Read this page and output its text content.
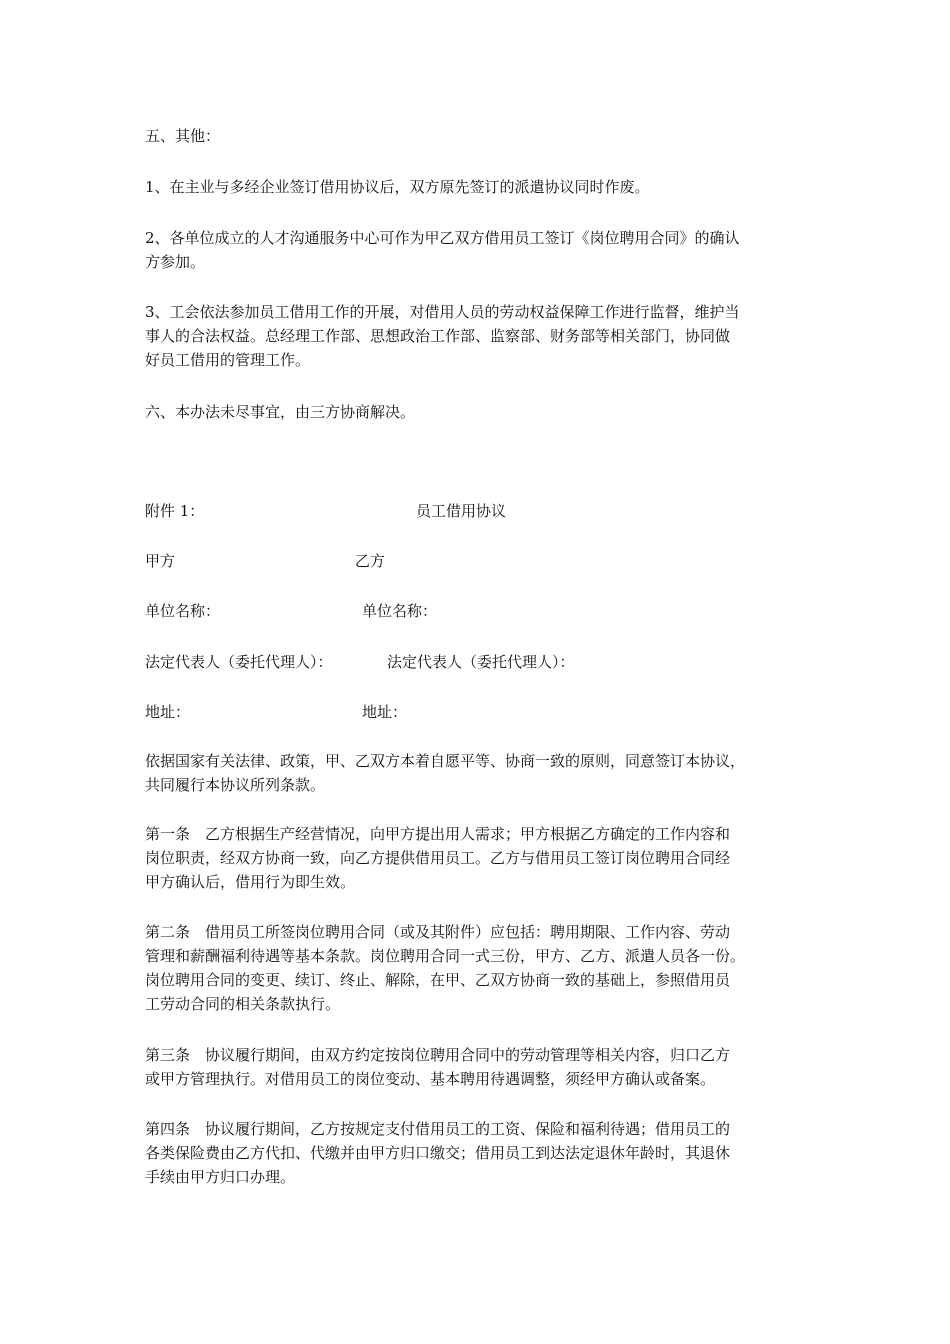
五、其他：
1、在主业与多经企业签订借用协议后，双方原先签订的派遣协议同时作废。
2、各单位成立的人才沟通服务中心可作为甲乙双方借用员工签订《岗位聘用合同》的确认
方参加。
3、工会依法参加员工借用工作的开展，对借用人员的劳动权益保障工作进行监督，维护当
事人的合法权益。总经理工作部、思想政治工作部、监察部、财务部等相关部门，协同做
好员工借用的管理工作。
六、本办法未尽事宜，由三方协商解决。
附件 1：	员工借用协议
甲方	乙方
单位名称：	单位名称：
法定代表人（委托代理人）：	法定代表人（委托代理人）：
地址：	地址：
依据国家有关法律、政策，甲、乙双方本着自愿平等、协商一致的原则，同意签订本协议，
共同履行本协议所列条款。
第一条　乙方根据生产经营情况，向甲方提出用人需求；甲方根据乙方确定的工作内容和
岗位职责，经双方协商一致，向乙方提供借用员工。乙方与借用员工签订岗位聘用合同经
甲方确认后，借用行为即生效。
第二条　借用员工所签岗位聘用合同（或及其附件）应包括：聘用期限、工作内容、劳动
管理和薪酬福利待遇等基本条款。岗位聘用合同一式三份，甲方、乙方、派遣人员各一份。
岗位聘用合同的变更、续订、终止、解除，在甲、乙双方协商一致的基础上，参照借用员
工劳动合同的相关条款执行。
第三条　协议履行期间，由双方约定按岗位聘用合同中的劳动管理等相关内容，归口乙方
或甲方管理执行。对借用员工的岗位变动、基本聘用待遇调整，须经甲方确认或备案。
第四条　协议履行期间，乙方按规定支付借用员工的工资、保险和福利待遇；借用员工的
各类保险费由乙方代扣、代缴并由甲方归口缴交；借用员工到达法定退休年龄时，其退休
手续由甲方归口办理。
